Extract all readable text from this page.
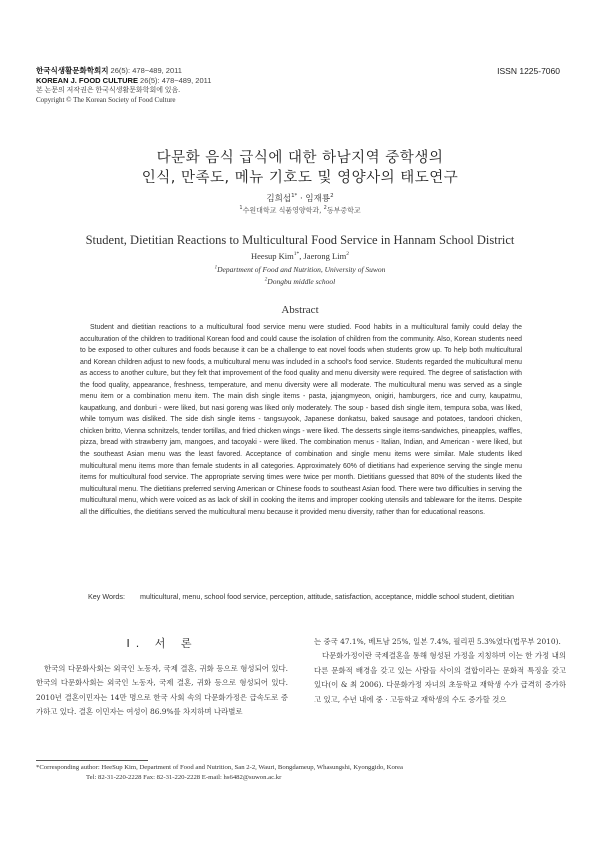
한국식생활문화학회지 26(5): 478~489, 2011
KOREAN J. FOOD CULTURE 26(5): 478~489, 2011
본 논문의 저작권은 한국식생활문화학회에 있음.
Copyright © The Korean Society of Food Culture
ISSN 1225-7060
다문화 음식 급식에 대한 하남지역 중학생의
인식, 만족도, 메뉴 기호도 및 영양사의 태도연구
김희섭$^{1*}$ · 임재룡$^2$
$^1$수원대학교 식품영양학과, $^2$동부중학교
Student, Dietitian Reactions to Multicultural Food Service in Hannam School District
Heesup Kim$^{1*}$, Jaerong Lim$^2$
$^1$Department of Food and Nutrition, University of Suwon
$^2$Dongbu middle school
Abstract
Student and dietitian reactions to a multicultural food service menu were studied. Food habits in a multicultural family could delay the acculturation of the children to traditional Korean food and could cause the isolation of children from the community. Also, Korean students need to be exposed to other cultures and foods because it can be a challenge to eat novel foods when students grow up. To help both multicultural and Korean children adjust to new foods, a multicultural menu was included in a school's food service. Students regarded the multicultural menu as access to another culture, but they felt that improvement of the food quality and menu diversity were required. The degree of satisfaction with the food quality, appearance, freshness, temperature, and menu diversity were all moderate. The multicultural menu was served as a single menu item or a combination menu item. The main dish single items - pasta, jajangmyeon, onigiri, hamburgers, rice and curry, kaupatmu, kaupatkung, and donburi - were liked, but nasi goreng was liked only moderately. The soup - based dish single item, tempura soba, was liked, while tomyum was disliked. The side dish single items - tangsuyook, Japanese donkatsu, baked sausage and potatoes, tandoori chicken, chicken britto, Vienna schnitzels, tender tortillas, and fried chicken wings - were liked. The desserts single items-sandwiches, pineapples, waffles, pizza, bread with strawberry jam, mangoes, and tacoyaki - were liked. The combination menus - Italian, Indian, and American - were liked, but the southeast Asian menu was the least favored. Acceptance of combination and single menu items were similar. Male students liked multicultural menu items more than female students in all categories. Approximately 60% of dietitians had experience serving the single menu items for multicultural food service. The appropriate serving times were twice per month. Dietitians guessed that 80% of the students liked the multicultural menu. The dietitians preferred serving American or Chinese foods to southeast Asian food. There were two difficulties in serving the multicultural menu, which were voiced as as lack of skill in cooking the items and improper cooking utensils and tableware for the items. Despite all the difficulties, the dietitians served the multicultural menu because it provided menu diversity, rather than for educational reasons.
Key Words: multicultural, menu, school food service, perception, attitude, satisfaction, acceptance, middle school student, dietitian
I. 서 론
한국의 다문화사회는 외국인 노동자, 국제 결혼, 귀화 등으로 형성되어 있다. 한국의 다문화사회는 외국인 노동자, 국제 결혼, 귀화 등으로 형성되어 있다. 2010년 결혼이민자는 14만 명으로 한국 사회 속의 다문화가정은 급속도로 증가하고 있다. 결혼 이민자는 여성이 86.9%를 차지하며 나라별로

는 중국 47.1%, 베트남 25%, 일본 7.4%, 필리핀 5.3%였다(법무부 2010).

다문화가정이란 국제결혼을 통해 형성된 가정을 지칭하며 이는 한 가정 내의 다른 문화적 배경을 갖고 있는 사람들 사이의 결합이라는 문화적 특징을 갖고 있다(이 & 최 2006). 다문화가정 자녀의 초등학교 재학생 수가 급격히 증가하고 있고, 수년 내에 중 · 고등학교 재학생의 수도 증가할 것으

*Corresponding author: HeeSup Kim, Department of Food and Nutrition, San 2-2, Wauri, Bongdameup, Whasungshi, Kyonggido, Korea
Tel: 82-31-220-2228 Fax: 82-31-220-2228 E-mail: hs6482@suwon.ac.kr
